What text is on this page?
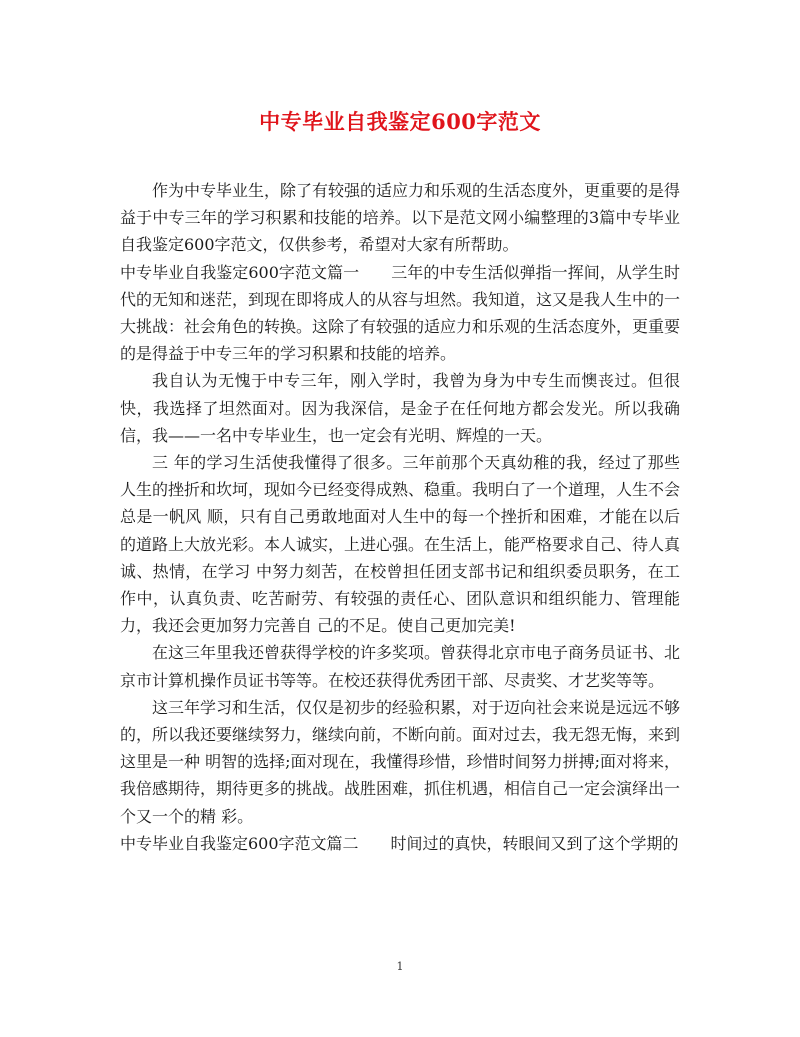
中专毕业自我鉴定600字范文

作为中专毕业生，除了有较强的适应力和乐观的生活态度外，更重要的是得益于中专三年的学习积累和技能的培养。以下是范文网小编整理的3篇中专毕业自我鉴定600字范文，仅供参考，希望对大家有所帮助。

中专毕业自我鉴定600字范文篇一　　三年的中专生活似弹指一挥间，从学生时代的无知和迷茫，到现在即将成人的从容与坦然。我知道，这又是我人生中的一大挑战：社会角色的转换。这除了有较强的适应力和乐观的生活态度外，更重要的是得益于中专三年的学习积累和技能的培养。

我自认为无愧于中专三年，刚入学时，我曾为身为中专生而懊丧过。但很快，我选择了坦然面对。因为我深信，是金子在任何地方都会发光。所以我确信，我——一名中专毕业生，也一定会有光明、辉煌的一天。

三 年的学习生活使我懂得了很多。三年前那个天真幼稚的我，经过了那些人生的挫折和坎坷，现如今已经变得成熟、稳重。我明白了一个道理，人生不会总是一帆风 顺，只有自己勇敢地面对人生中的每一个挫折和困难，才能在以后的道路上大放光彩。本人诚实，上进心强。在生活上，能严格要求自己、待人真诚、热情，在学习 中努力刻苦，在校曾担任团支部书记和组织委员职务，在工作中，认真负责、吃苦耐劳、有较强的责任心、团队意识和组织能力、管理能力，我还会更加努力完善自 己的不足。使自己更加完美!

在这三年里我还曾获得学校的许多奖项。曾获得北京市电子商务员证书、北京市计算机操作员证书等等。在校还获得优秀团干部、尽责奖、才艺奖等等。

这三年学习和生活，仅仅是初步的经验积累，对于迈向社会来说是远远不够的，所以我还要继续努力，继续向前，不断向前。面对过去，我无怨无悔，来到这里是一种 明智的选择;面对现在，我懂得珍惜，珍惜时间努力拼搏;面对将来，我倍感期待，期待更多的挑战。战胜困难，抓住机遇，相信自己一定会演绎出一个又一个的精 彩。

中专毕业自我鉴定600字范文篇二　　时间过的真快，转眼间又到了这个学期的

1
